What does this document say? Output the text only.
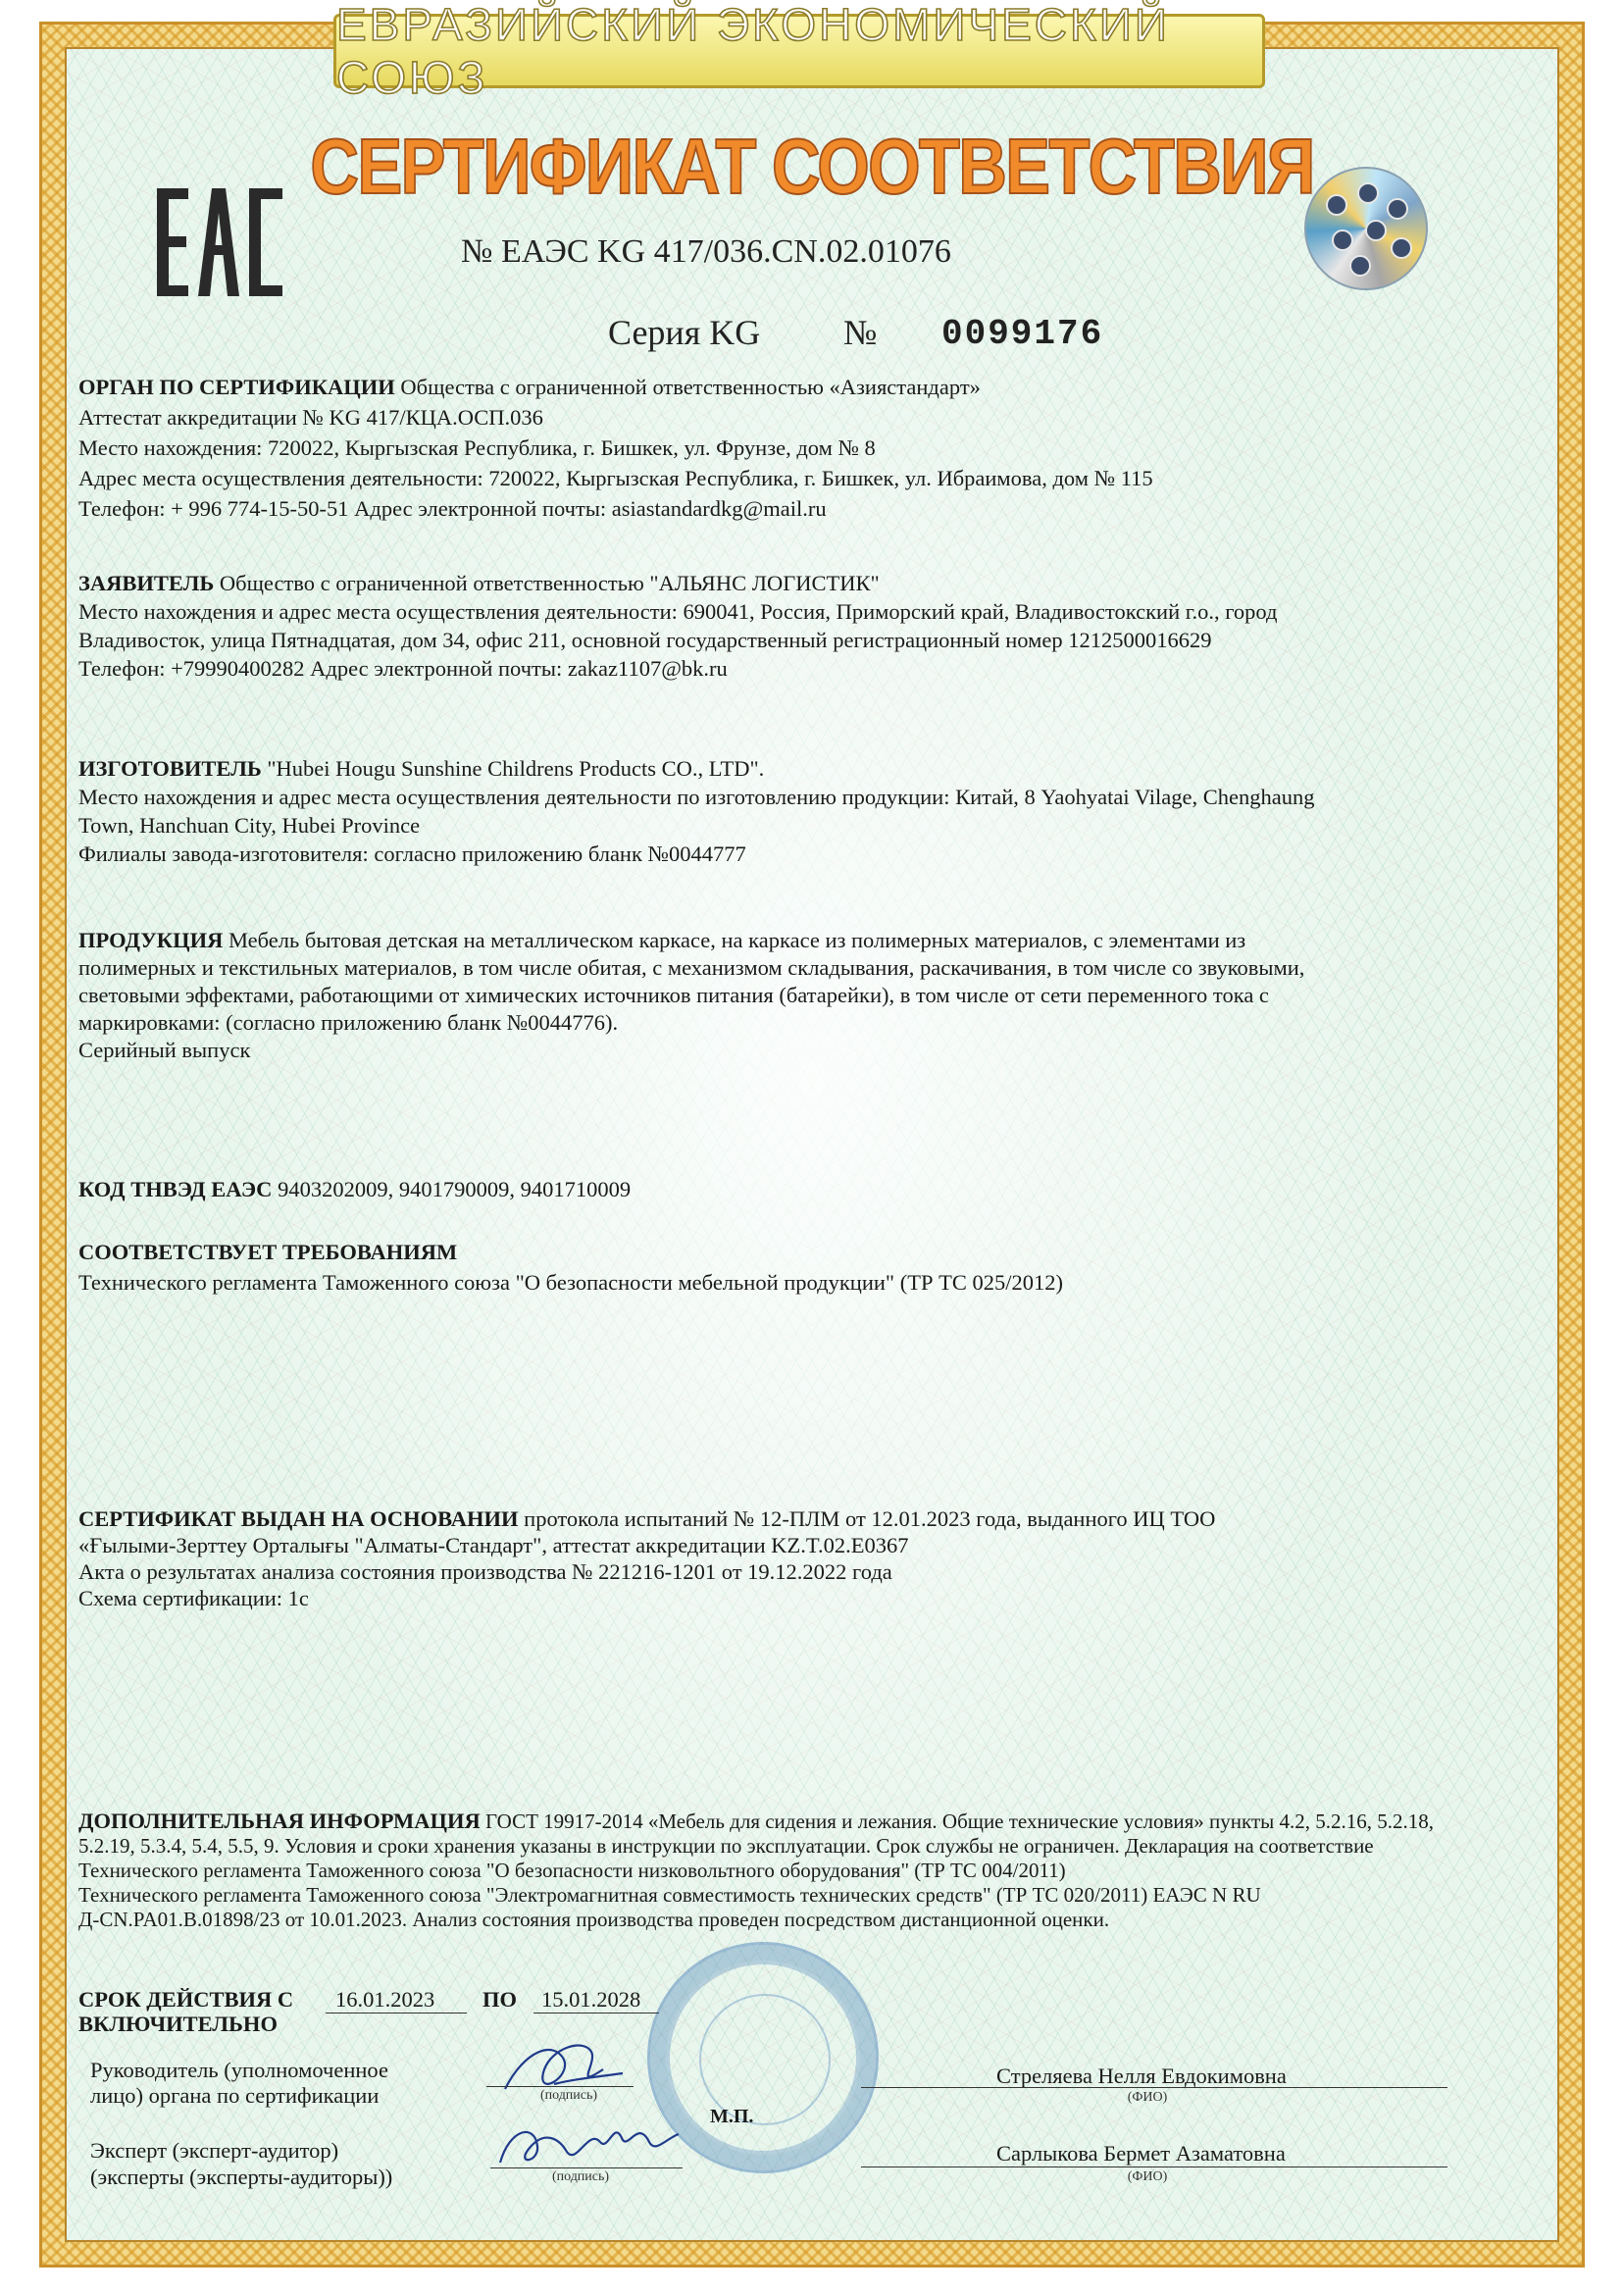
ЕВРАЗИЙСКИЙ ЭКОНОМИЧЕСКИЙ СОЮЗ
СЕРТИФИКАТ СООТВЕТСТВИЯ
№ ЕАЭС KG 417/036.CN.02.01076
Серия KG № 0099176

ОРГАН ПО СЕРТИФИКАЦИИ Общества с ограниченной ответственностью «Азиястандарт»

Аттестат аккредитации № KG 417/КЦА.ОСП.036

Место нахождения: 720022, Кыргызская Республика, г. Бишкек, ул. Фрунзе, дом № 8

Адрес места осуществления деятельности: 720022, Кыргызская Республика, г. Бишкек, ул. Ибраимова, дом № 115

Телефон: + 996 774-15-50-51 Адрес электронной почты: asiastandardkg@mail.ru

ЗАЯВИТЕЛЬ Общество с ограниченной ответственностью "АЛЬЯНС ЛОГИСТИК"

Место нахождения и адрес места осуществления деятельности: 690041, Россия, Приморский край, Владивостокский г.о., город

Владивосток, улица Пятнадцатая, дом 34, офис 211, основной государственный регистрационный номер 1212500016629

Телефон: +79990400282 Адрес электронной почты: zakaz1107@bk.ru

ИЗГОТОВИТЕЛЬ "Hubei Hougu Sunshine Childrens Products CO., LTD".

Место нахождения и адрес места осуществления деятельности по изготовлению продукции: Китай, 8 Yaohyatai Vilage, Chenghaung

Town, Hanchuan City, Hubei Province

Филиалы завода-изготовителя: согласно приложению бланк №0044777

ПРОДУКЦИЯ Мебель бытовая детская на металлическом каркасе, на каркасе из полимерных материалов, с элементами из

полимерных и текстильных материалов, в том числе обитая, с механизмом складывания, раскачивания, в том числе со звуковыми,

световыми эффектами, работающими от химических источников питания (батарейки), в том числе от сети переменного тока с

маркировками: (согласно приложению бланк №0044776).

Серийный выпуск

КОД ТНВЭД ЕАЭС 9403202009, 9401790009, 9401710009

СООТВЕТСТВУЕТ ТРЕБОВАНИЯМ

Технического регламента Таможенного союза "О безопасности мебельной продукции" (ТР ТС 025/2012)

СЕРТИФИКАТ ВЫДАН НА ОСНОВАНИИ протокола испытаний № 12-ПЛМ от 12.01.2023 года, выданного ИЦ ТОО

«Ғылыми-Зерттеу Орталығы "Алматы-Стандарт", аттестат аккредитации KZ.T.02.E0367

Акта о результатах анализа состояния производства № 221216-1201 от 19.12.2022 года

Схема сертификации: 1с

ДОПОЛНИТЕЛЬНАЯ ИНФОРМАЦИЯ ГОСТ 19917-2014 «Мебель для сидения и лежания. Общие технические условия» пункты 4.2, 5.2.16, 5.2.18,

5.2.19, 5.3.4, 5.4, 5.5, 9. Условия и сроки хранения указаны в инструкции по эксплуатации. Срок службы не ограничен. Декларация на соответствие

Технического регламента Таможенного союза "О безопасности низковольтного оборудования" (ТР ТС 004/2011)

Технического регламента Таможенного союза "Электромагнитная совместимость технических средств" (ТР ТС 020/2011) ЕАЭС N RU

Д-CN.PA01.B.01898/23 от 10.01.2023. Анализ состояния производства проведен посредством дистанционной оценки.

СРОК ДЕЙСТВИЯ С 16.01.2023 ПО 15.01.2028
ВКЛЮЧИТЕЛЬНО
Руководитель (уполномоченное
лицо) органа по сертификации	(подпись)
Стреляева Нелля Евдокимовна
(ФИО)
М.П.
Эксперт (эксперт-аудитор)
(эксперты (эксперты-аудиторы))	(подпись)
Сарлыкова Бермет Азаматовна
(ФИО)
